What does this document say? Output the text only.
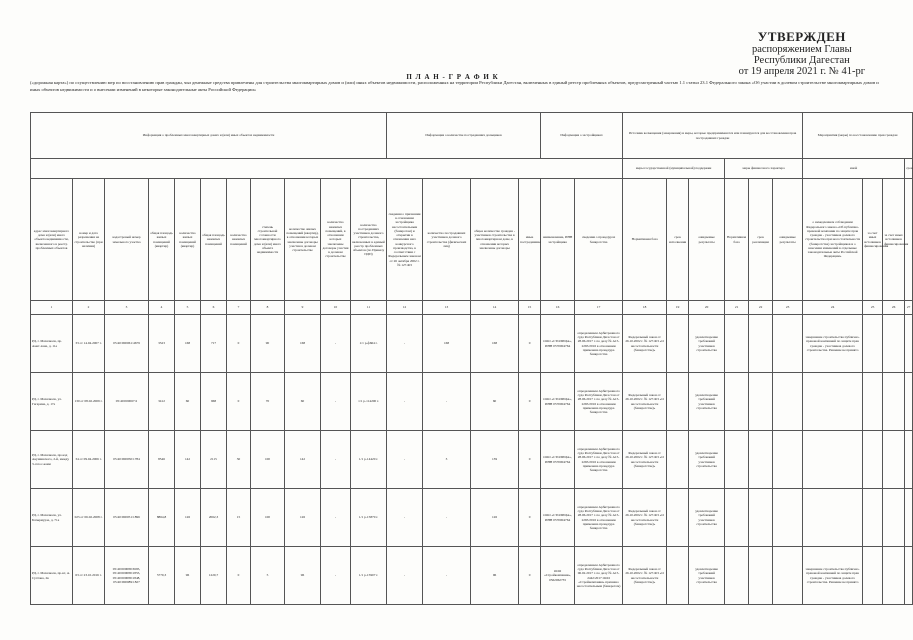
УТВЕРЖДЕН
распоряжением Главы
Республики Дагестан
от 19 апреля 2021 г. № 41-рг
П Л А Н - Г Р А Ф И К
(«дорожная карта») по осуществлению мер по восстановлению прав граждан, чьи денежные средства привлечены для строительства многоквартирных домов и (или) иных объектов недвижимости, расположенных на территории Республики Дагестан, включенных в единый реестр проблемных объектов, предусмотренный частью 1.1 статьи 23.1 Федерального закона «Об участии в долевом строительстве многоквартирных домов и иных объектов недвижимости и о внесении изменений в некоторые законодательные акты Российской Федерации»
Информация о проблемных многоквартирных домах и (или) иных объектах недвижимости											Информация о количестве пострадавших дольщиков				Информация о застройщиках		Источник возмещения (завершения) и меры, которые предпринимаются или планируются для восстановления прав пострадавших граждан						Мероприятия (меры) по восстановлению прав граждан			
																	меры государственной (муниципальной) поддержки			меры финансового характера			иной			срок
адрес многоквартирного дома и (или) иного объекта недвижимости, включенного в реестр проблемных объектов	номер и дата разрешения на строительство (при наличии)	кадастровый номер земельного участка	общая площадь жилых помещений (квартир)	количество жилых помещений (квартир)	общая площадь нежилых помещений	количество нежилых помещений	степень строительной готовности многоквартирного дома и (или) иного объекта недвижимости	количество жилых помещений (квартир), в отношении которых заключены договоры участия в долевом строительстве	количество нежилых помещений, в отношении которых заключены договоры участия в долевом строительстве	количество пострадавших участников долевого строительства, включенных в единый реестр проблемных объектов (по Приказу ПДП)	сведения о признании в отношении застройщика несостоятельным (банкротом) и открытии в отношении него конкурсного производства, в соответствии с Федеральным законом от 26 октября 2002 г. № 127-ФЗ	количество пострадавших участников долевого строительства (физических лиц)	общее количество граждан - участников строительства в многоквартирном доме, в отношении которых заключены договоры	иные пострадавшие	наименование, ИНН застройщика	сведения о процедурах банкротства	Нормативная база	срок исполнения	ожидаемые результаты	Нормативная база	срок реализации	ожидаемые результаты	о немедленном соблюдении Федерального закона «Об публично-правовой компании по защите прав граждан - участников долевого строительства при несостоятельности (банкротстве) застройщиков и о внесении изменений в отдельные законодательные акты Российской Федерации»	за счет иных источников финансирования	за счет иных источников финансирования	
1	2	3	4	5	6	7	8	9	10	11	12	13	14	15	16	17	18	19	20	21	22	23	24	25	26	27
РД, г. Махачкала, пр. Амет-хана, д. 11е	33 от 14.04.2007 г.	05:40:000061:4679	3323	168	717	0	90	168	-	1/1 р-ф664 г.	-	168	168	0	ООО «СТОЛИЦА», ИНН 0570004764	определением Арбитражного суда Республики Дагестан от 28.06.2017 г. по делу № А15-2265/2016 в отношении применена процедура банкротства	Федеральный закон от 26.10.2002 г. № 127-ФЗ «О несостоятельности (банкротстве)»		удовлетворение требований участников строительства				завершение строительства публично-правовой компанией по защите прав граждан - участников долевого строительства. Решение не принято			
РД, г. Махачкала, ул. Гагарина, д. 17а	130 от 08.02.2009 г.	05:40:000067:2	3412	60	968	0	70	60	-	1/1 р-114200 г.	-	-	60	0	ООО «СТОЛИЦА», ИНН 0570004764	определением Арбитражного суда Республики Дагестан от 28.06.2017 г. по делу № А15-2265/2016 в отношении применена процедура банкротства	Федеральный закон от 26.10.2002 г. № 127-ФЗ «О несостоятельности (банкротстве)»		удовлетворение требований участников строительства							
РД, г. Махачкала, проезд Акушинского, 2-й, между 3-4 пос-ками	34 от 09.04.2006 г.	05:40:000050:1784	8546	142	2115	30	100	142	-	1/1 р-14420 г.	-	3	139	0	ООО «СТОЛИЦА», ИНН 0570004764	определением Арбитражного суда Республики Дагестан от 28.06.2017 г. по делу № А15-2265/2016 в отношении применена процедура банкротства	Федеральный закон от 26.10.2002 г. № 127-ФЗ «О несостоятельности (банкротстве)»		удовлетворение требований участников строительства							
РД, г. Махачкала, ул. Батырмурза, д. 71а	025 от 06.02.2008 г.	05:40:000051:1896	8864,8	126	2062,3	15	100	126	-	1/1 р-15870 г.	-	-	126	0	ООО «СТОЛИЦА», ИНН 0570004764	определением Арбитражного суда Республики Дагестан от 28.06.2017 г. по делу № А15-2265/2016 в отношении применена процедура банкротства	Федеральный закон от 26.10.2002 г. № 127-ФЗ «О несостоятельности (банкротстве)»		удовлетворение требований участников строительства							
РД, г. Махачкала, пр-кт, А. Султана, 2в	63 от 23.10.2016 г.	05:40:000089:3695, 05:40:000089:1855, 05:40:000089:1848, 05:40:000089:1827	5770,3	96	1220,7	0	5	96	-	1/1 р-15907 г.	-	-	96	0	ООО «Стройкомпания», 0562062735	определением Арбитражного суда Республики Дагестан от 06.02.2017 г. по делу № А15-2442/2017 ООО «Стройкомпания» признано несостоятельным (банкротом)	Федеральный закон от 26.10.2002 г. № 127-ФЗ «О несостоятельности (банкротстве)»		удовлетворение требований участников строительства				завершение строительства публично-правовой компанией по защите прав граждан - участников долевого строительства. Решение не принято			
